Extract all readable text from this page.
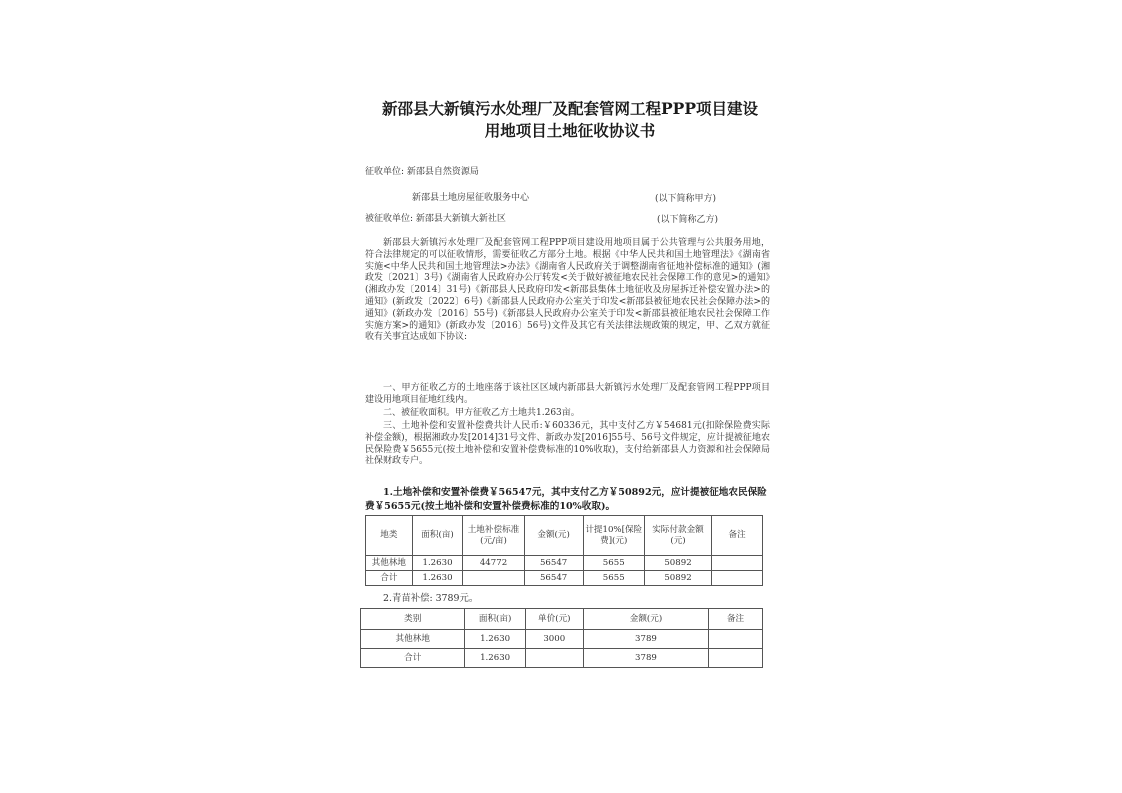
新邵县大新镇污水处理厂及配套管网工程PPP项目建设
用地项目土地征收协议书
征收单位: 新邵县自然资源局
新邵县土地房屋征收服务中心	(以下简称甲方)
被征收单位: 新邵县大新镇大新社区	(以下简称乙方)
新邵县大新镇污水处理厂及配套管网工程PPP项目建设用地项目属于公共管理与公共服务用地，符合法律规定的可以征收情形，需要征收乙方部分土地。根据《中华人民共和国土地管理法》《湖南省实施<中华人民共和国土地管理法>办法》《湖南省人民政府关于调整湖南省征地补偿标准的通知》(湘政发〔2021〕3号)《湖南省人民政府办公厅转发<关于做好被征地农民社会保障工作的意见>的通知》(湘政办发〔2014〕31号)《新邵县人民政府印发<新邵县集体土地征收及房屋拆迁补偿安置办法>的通知》(新政发〔2022〕6号)《新邵县人民政府办公室关于印发<新邵县被征地农民社会保障办法>的通知》(新政办发〔2016〕55号)《新邵县人民政府办公室关于印发<新邵县被征地农民社会保障工作实施方案>的通知》(新政办发〔2016〕56号)文件及其它有关法律法规政策的规定，甲、乙双方就征收有关事宜达成如下协议:
一、甲方征收乙方的土地座落于该社区区域内新邵县大新镇污水处理厂及配套管网工程PPP项目建设用地项目征地红线内。
二、被征收面积。甲方征收乙方土地共1.263亩。
三、土地补偿和安置补偿费共计人民币:￥60336元，其中支付乙方￥54681元(扣除保险费实际补偿金额)，根据湘政办发[2014]31号文件、新政办发[2016]55号、56号文件规定，应计提被征地农民保险费￥5655元(按土地补偿和安置补偿费标准的10%收取)，支付给新邵县人力资源和社会保障局社保财政专户。
1.土地补偿和安置补偿费￥56547元，其中支付乙方￥50892元，应计提被征地农民保险费￥5655元(按土地补偿和安置补偿费标准的10%收取)。
地类	面积(亩)	土地补偿标准(元/亩)	金额(元)	计提10%[保险费](元)	实际付款金额(元)	备注
其他林地	1.2630	44772	56547	5655	50892	
合计	1.2630		56547	5655	50892	
2.青苗补偿: 3789元。
类别	面积(亩)	单价(元)	金额(元)	备注
其他林地	1.2630	3000	3789	
合计	1.2630		3789	
